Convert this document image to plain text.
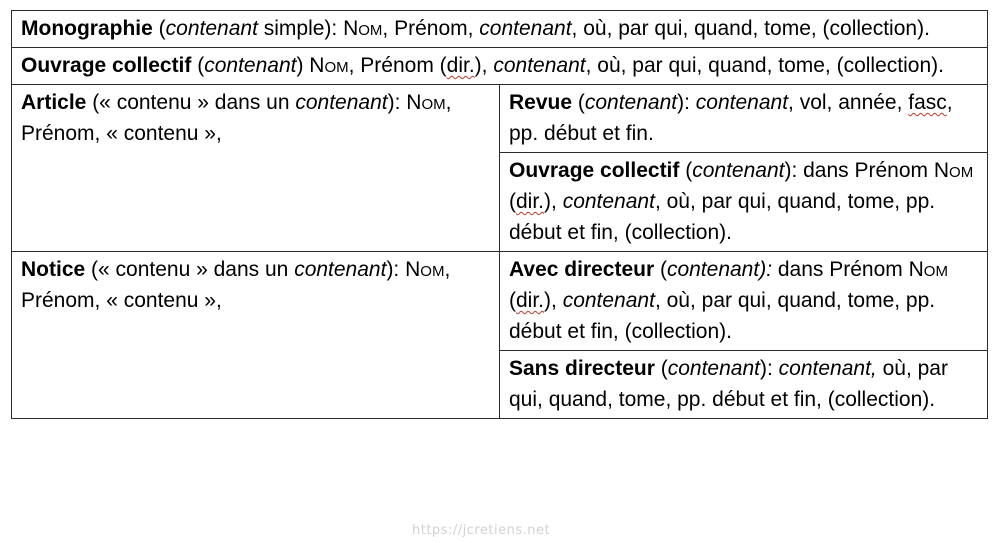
Monographie (contenant simple): Nom, Prénom, contenant, où, par qui, quand, tome, (collection).	
Ouvrage collectif (contenant) Nom, Prénom (dir.), contenant, où, par qui, quand, tome, (collection).	
Article (« contenu » dans un contenant): Nom, Prénom, « contenu »,	Revue (contenant): contenant, vol, année, fasc, pp. début et fin.
	Ouvrage collectif (contenant): dans Prénom Nom (dir.), contenant, où, par qui, quand, tome, pp. début et fin, (collection).
Notice (« contenu » dans un contenant): Nom, Prénom, « contenu »,	Avec directeur (contenant): dans Prénom Nom (dir.), contenant, où, par qui, quand, tome, pp. début et fin, (collection).
	Sans directeur (contenant): contenant, où, par qui, quand, tome, pp. début et fin, (collection).
https://jcretiens.net
